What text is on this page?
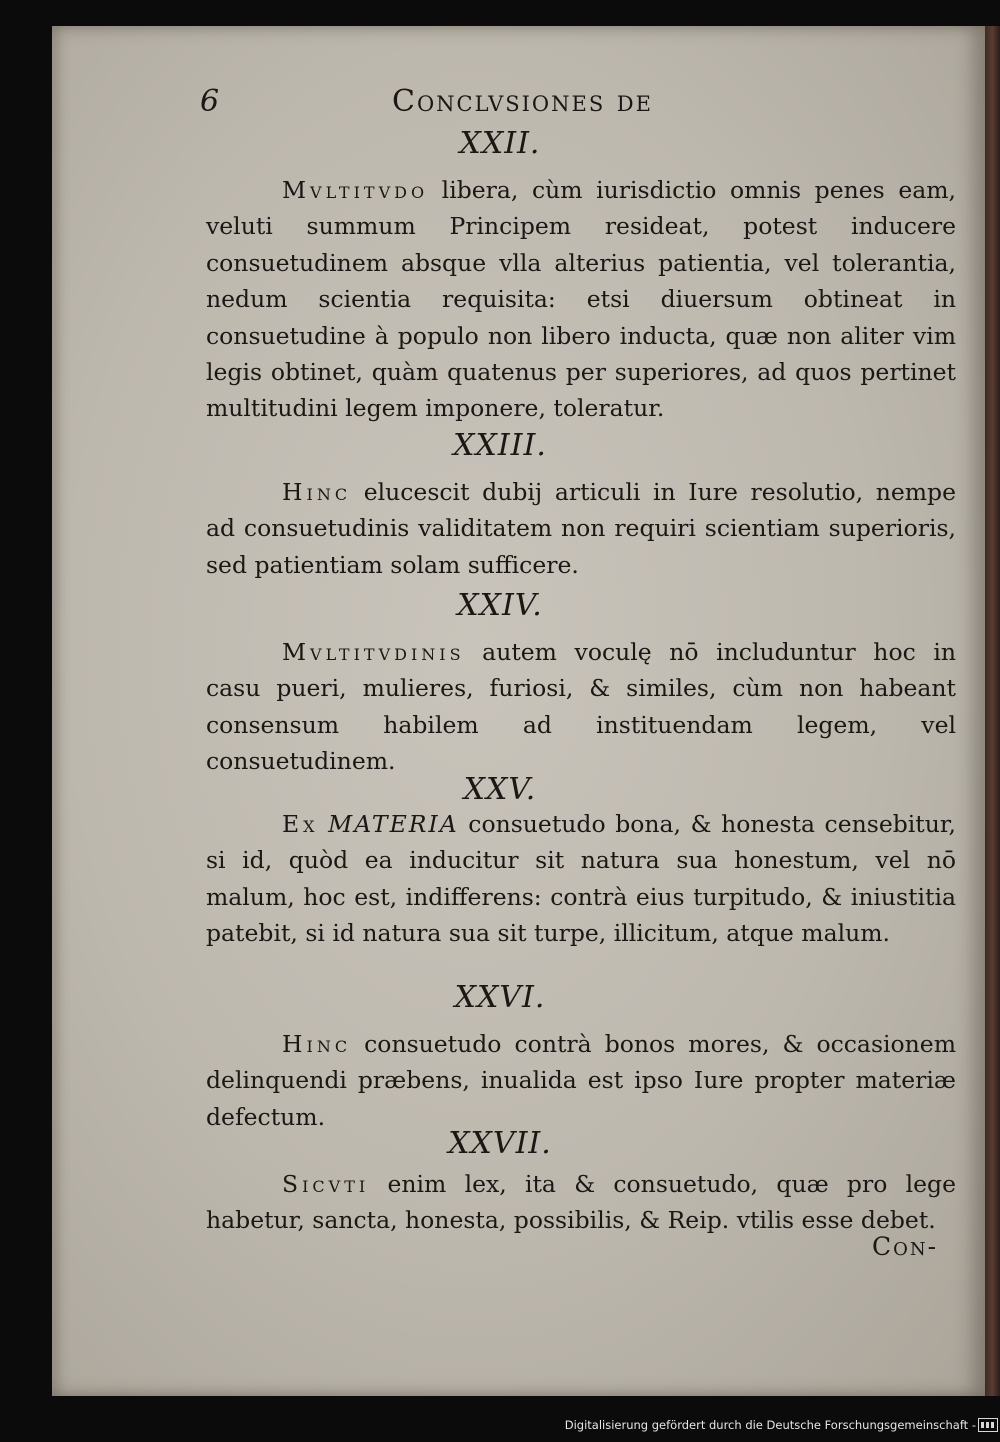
6	Conclvsiones de
XXII.
Mvltitvdo libera, cùm iurisdictio omnis penes eam, veluti summum Principem resideat, potest inducere consuetudinem absque vlla alterius patientia, vel tolerantia, nedum scientia requisita: etsi diuersum obtineat in consuetudine à populo non libero inducta, quæ non aliter vim legis obtinet, quàm quatenus per superiores, ad quos pertinet multitudini legem imponere, toleratur.
XXIII.
Hinc elucescit dubij articuli in Iure resolutio, nempe ad consuetudinis validitatem non requiri scientiam superioris, sed patientiam solam sufficere.
XXIV.
Mvltitvdinis autem voculę nō includuntur hoc in casu pueri, mulieres, furiosi, & similes, cùm non habeant consensum habilem ad instituendam legem, vel consuetudinem.
XXV.
Ex MATERIA consuetudo bona, & honesta censebitur, si id, quòd ea inducitur sit natura sua honestum, vel nō malum, hoc est, indifferens: contrà eius turpitudo, & iniustitia patebit, si id natura sua sit turpe, illicitum, atque malum.
XXVI.
Hinc consuetudo contrà bonos mores, & occasionem delinquendi præbens, inualida est ipso Iure propter materiæ defectum.
XXVII.
Sicvti enim lex, ita & consuetudo, quæ pro lege habetur, sancta, honesta, possibilis, & Reip. vtilis esse debet.
Con-
Digitalisierung gefördert durch die Deutsche Forschungsgemeinschaft -
